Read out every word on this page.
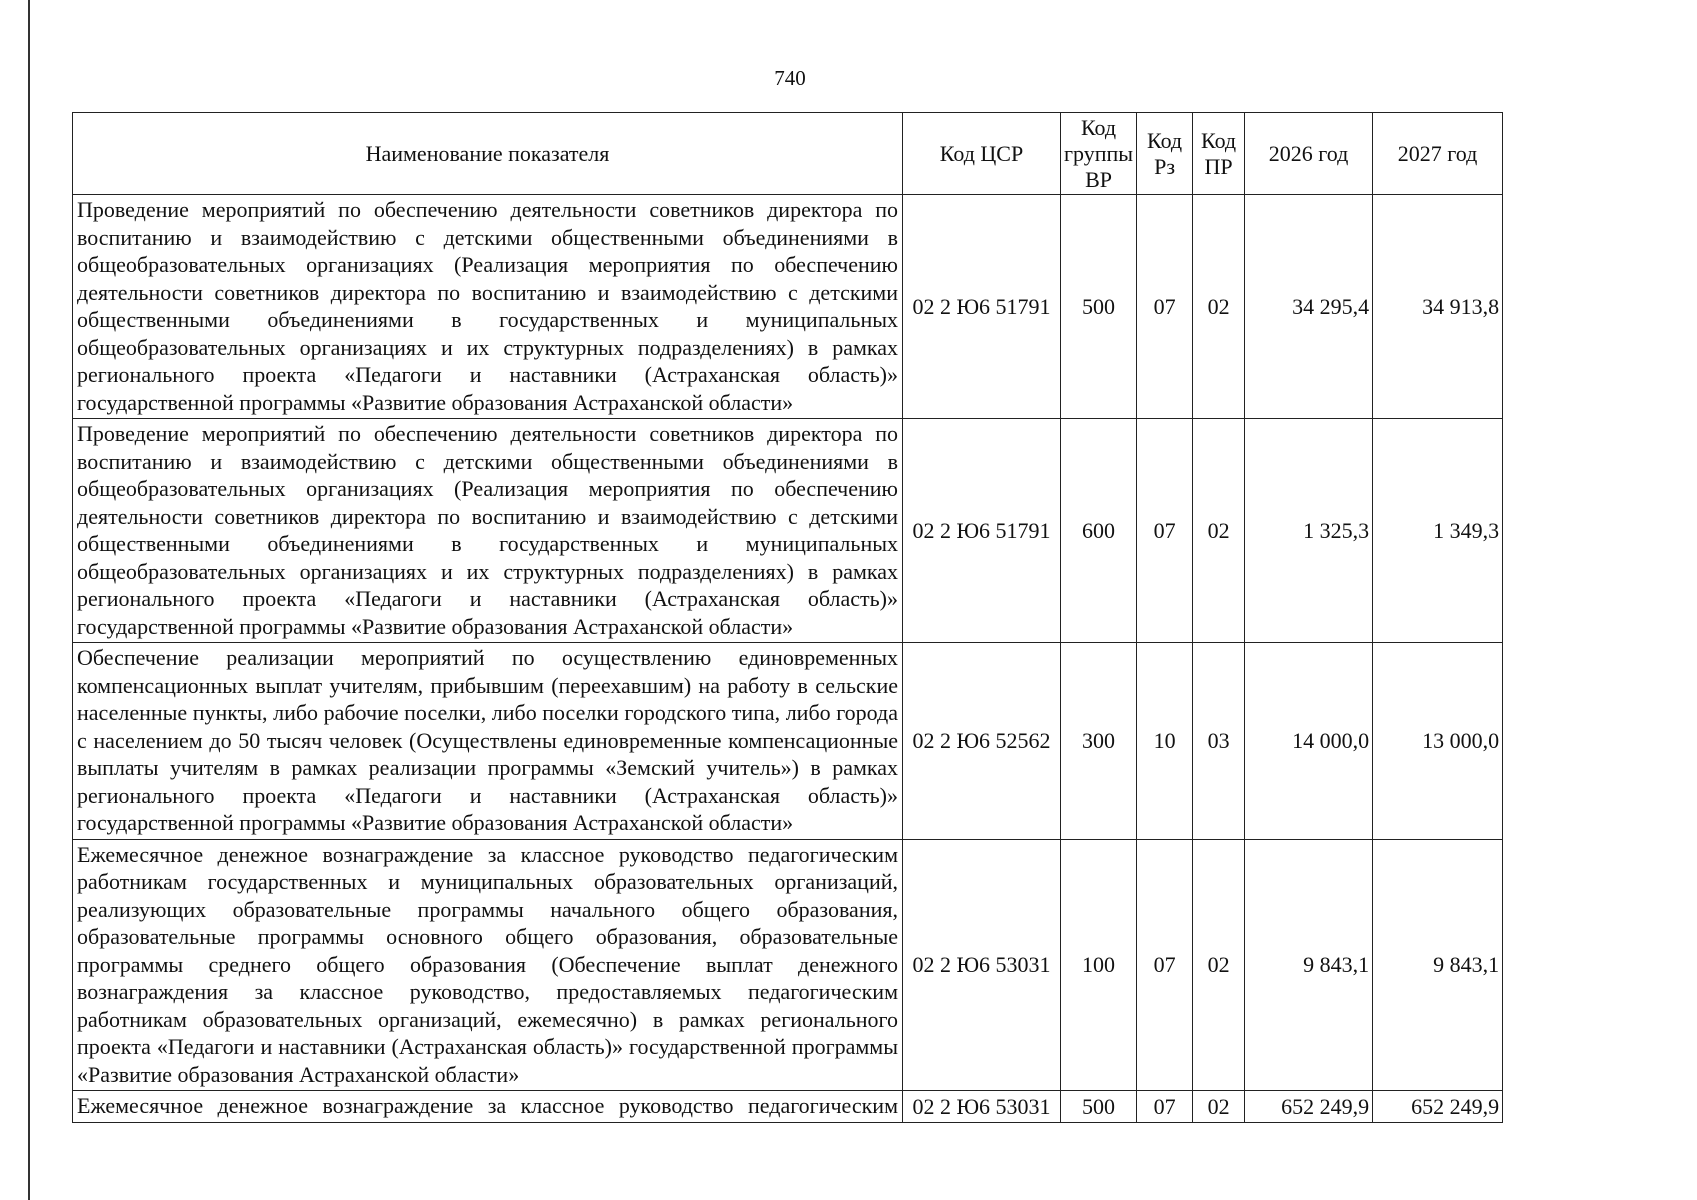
740
Наименование показателя	Код ЦСР	Код группы ВР	Код Рз	Код ПР	2026 год	2027 год
Проведение мероприятий по обеспечению деятельности советников директора по воспитанию и взаимодействию с детскими общественными объединениями в общеобразовательных организациях (Реализация мероприятия по обеспечению деятельности советников директора по воспитанию и взаимодействию с детскими общественными объединениями в государственных и муниципальных общеобразовательных организациях и их структурных подразделениях) в рамках регионального проекта «Педагоги и наставники (Астраханская область)» государственной программы «Развитие образования Астраханской области»	02 2 Ю6 51791	500	07	02	34 295,4	34 913,8
Проведение мероприятий по обеспечению деятельности советников директора по воспитанию и взаимодействию с детскими общественными объединениями в общеобразовательных организациях (Реализация мероприятия по обеспечению деятельности советников директора по воспитанию и взаимодействию с детскими общественными объединениями в государственных и муниципальных общеобразовательных организациях и их структурных подразделениях) в рамках регионального проекта «Педагоги и наставники (Астраханская область)» государственной программы «Развитие образования Астраханской области»	02 2 Ю6 51791	600	07	02	1 325,3	1 349,3
Обеспечение реализации мероприятий по осуществлению единовременных компенсационных выплат учителям, прибывшим (переехавшим) на работу в сельские населенные пункты, либо рабочие поселки, либо поселки городского типа, либо города с населением до 50 тысяч человек (Осуществлены единовременные компенсационные выплаты учителям в рамках реализации программы «Земский учитель») в рамках регионального проекта «Педагоги и наставники (Астраханская область)» государственной программы «Развитие образования Астраханской области»	02 2 Ю6 52562	300	10	03	14 000,0	13 000,0
Ежемесячное денежное вознаграждение за классное руководство педагогическим работникам государственных и муниципальных образовательных организаций, реализующих образовательные программы начального общего образования, образовательные программы основного общего образования, образовательные программы среднего общего образования (Обеспечение выплат денежного вознаграждения за классное руководство, предоставляемых педагогическим работникам образовательных организаций, ежемесячно) в рамках регионального проекта «Педагоги и наставники (Астраханская область)» государственной программы «Развитие образования Астраханской области»	02 2 Ю6 53031	100	07	02	9 843,1	9 843,1
Ежемесячное денежное вознаграждение за классное руководство педагогическим	02 2 Ю6 53031	500	07	02	652 249,9	652 249,9
